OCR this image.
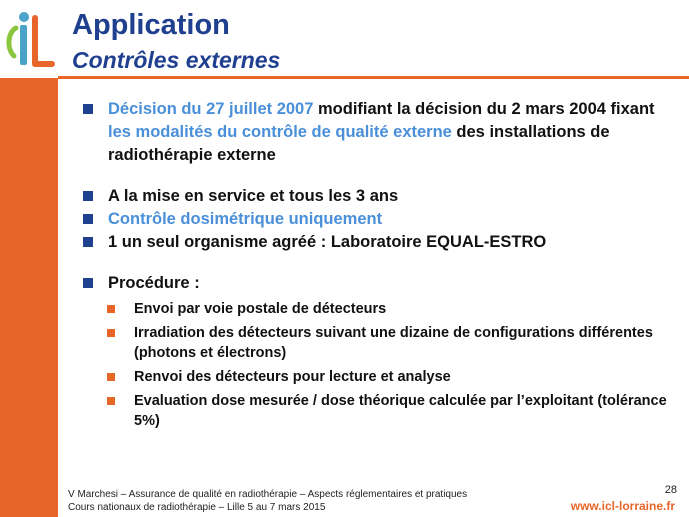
Application
Contrôles externes
Décision du 27 juillet 2007 modifiant la décision du 2 mars 2004 fixant les modalités du contrôle de qualité externe des installations de radiothérapie externe
A la mise en service et tous les 3 ans
Contrôle dosimétrique uniquement
1 un seul organisme agréé : Laboratoire EQUAL-ESTRO
Procédure :
Envoi par voie postale de détecteurs
Irradiation des détecteurs suivant une dizaine de configurations différentes (photons et électrons)
Renvoi des détecteurs pour lecture et analyse
Evaluation dose mesurée / dose théorique calculée par l’exploitant (tolérance 5%)
V Marchesi – Assurance de qualité en radiothérapie – Aspects réglementaires et pratiques
Cours nationaux de radiothérapie – Lille 5 au 7 mars 2015
28
www.icl-lorraine.fr
